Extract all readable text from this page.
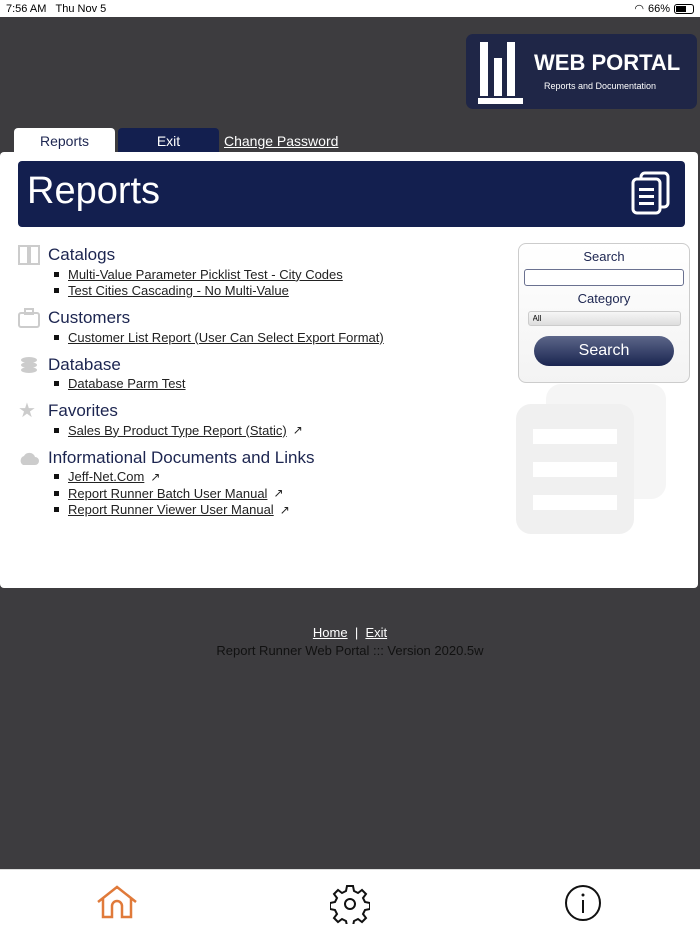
7:56 AM
Thu Nov 5	◠ 66%
WEB PORTAL
Reports and Documentation
Reports	Exit	Change Password
Reports
Catalogs
Multi-Value Parameter Picklist Test - City Codes
Test Cities Cascading - No Multi-Value
Customers
Customer List Report (User Can Select Export Format)
Database
Database Parm Test
★ Favorites
Sales By Product Type Report (Static) ↗
Informational Documents and Links
Jeff-Net.Com ↗
Report Runner Batch User Manual ↗
Report Runner Viewer User Manual ↗
Search
Category
All
Search
Home | Exit
Report Runner Web Portal ::: Version 2020.5w
